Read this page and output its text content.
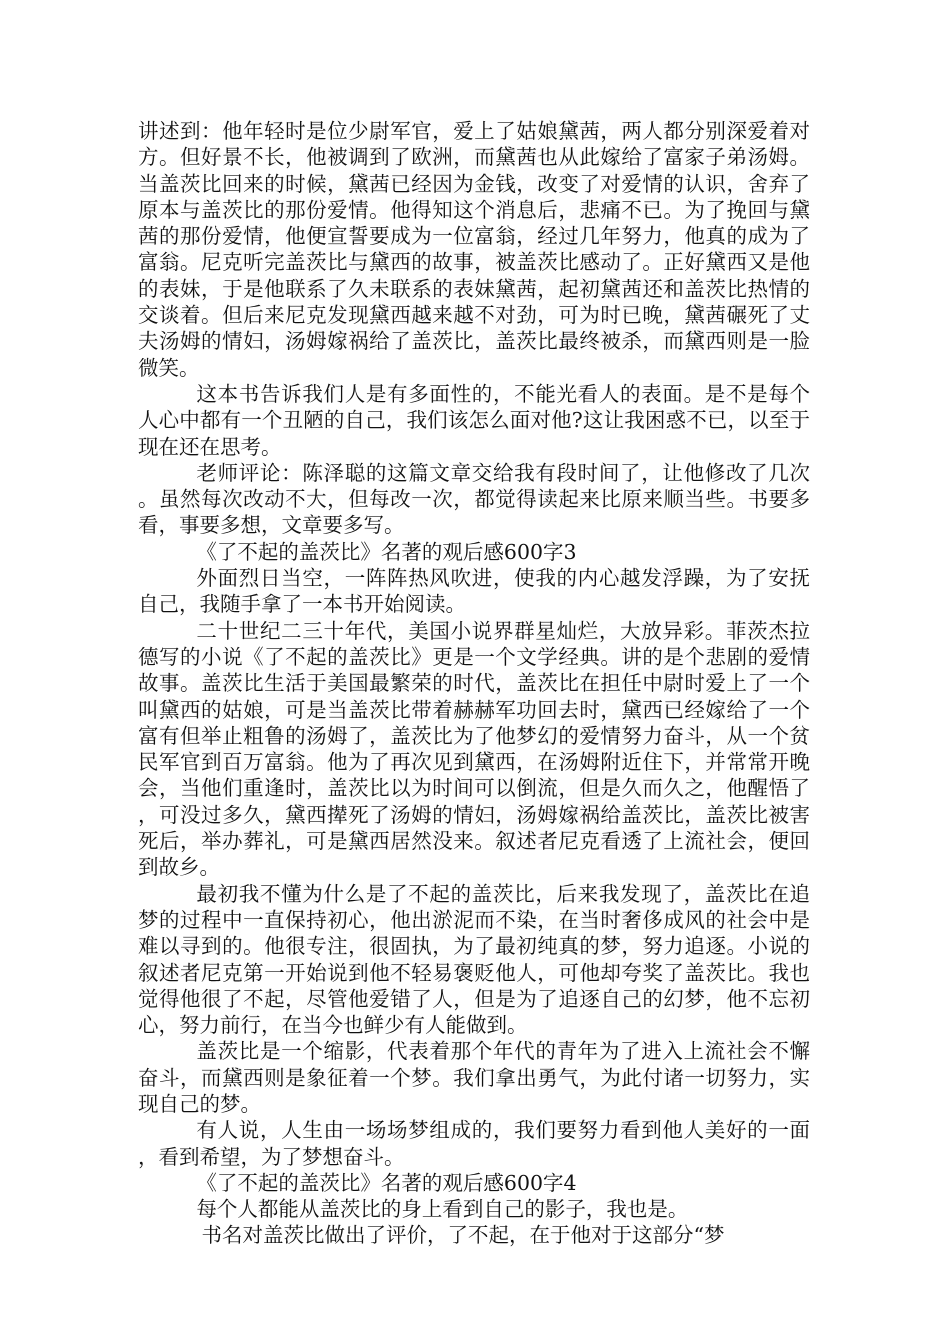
讲述到：他年轻时是位少尉军官，爱上了姑娘黛茜，两人都分别深爱着对方。但好景不长，他被调到了欧洲，而黛茜也从此嫁给了富家子弟汤姆。当盖茨比回来的时候，黛茜已经因为金钱，改变了对爱情的认识，舍弃了原本与盖茨比的那份爱情。他得知这个消息后，悲痛不已。为了挽回与黛茜的那份爱情，他便宣誓要成为一位富翁，经过几年努力，他真的成为了富翁。尼克听完盖茨比与黛西的故事，被盖茨比感动了。正好黛西又是他的表妹，于是他联系了久未联系的表妹黛茜，起初黛茜还和盖茨比热情的交谈着。但后来尼克发现黛西越来越不对劲，可为时已晚，黛茜碾死了丈夫汤姆的情妇，汤姆嫁祸给了盖茨比，盖茨比最终被杀，而黛西则是一脸微笑。

这本书告诉我们人是有多面性的，不能光看人的表面。是不是每个人心中都有一个丑陋的自己，我们该怎么面对他?这让我困惑不已，以至于现在还在思考。

老师评论：陈泽聪的这篇文章交给我有段时间了，让他修改了几次。虽然每次改动不大，但每改一次，都觉得读起来比原来顺当些。书要多看，事要多想，文章要多写。

《了不起的盖茨比》名著的观后感600字3

外面烈日当空，一阵阵热风吹进，使我的内心越发浮躁，为了安抚自己，我随手拿了一本书开始阅读。

二十世纪二三十年代，美国小说界群星灿烂，大放异彩。菲茨杰拉德写的小说《了不起的盖茨比》更是一个文学经典。讲的是个悲剧的爱情故事。盖茨比生活于美国最繁荣的时代，盖茨比在担任中尉时爱上了一个叫黛西的姑娘，可是当盖茨比带着赫赫军功回去时，黛西已经嫁给了一个富有但举止粗鲁的汤姆了，盖茨比为了他梦幻的爱情努力奋斗，从一个贫民军官到百万富翁。他为了再次见到黛西，在汤姆附近住下，并常常开晚会，当他们重逢时，盖茨比以为时间可以倒流，但是久而久之，他醒悟了，可没过多久，黛西撵死了汤姆的情妇，汤姆嫁祸给盖茨比，盖茨比被害死后，举办葬礼，可是黛西居然没来。叙述者尼克看透了上流社会，便回到故乡。

最初我不懂为什么是了不起的盖茨比，后来我发现了，盖茨比在追梦的过程中一直保持初心，他出淤泥而不染，在当时奢侈成风的社会中是难以寻到的。他很专注，很固执，为了最初纯真的梦，努力追逐。小说的叙述者尼克第一开始说到他不轻易褒贬他人，可他却夸奖了盖茨比。我也觉得他很了不起，尽管他爱错了人，但是为了追逐自己的幻梦，他不忘初心，努力前行，在当今也鲜少有人能做到。

盖茨比是一个缩影，代表着那个年代的青年为了进入上流社会不懈奋斗，而黛西则是象征着一个梦。我们拿出勇气，为此付诸一切努力，实现自己的梦。

有人说，人生由一场场梦组成的，我们要努力看到他人美好的一面，看到希望，为了梦想奋斗。

《了不起的盖茨比》名著的观后感600字4

每个人都能从盖茨比的身上看到自己的影子，我也是。

书名对盖茨比做出了评价，了不起，在于他对于这部分“梦
